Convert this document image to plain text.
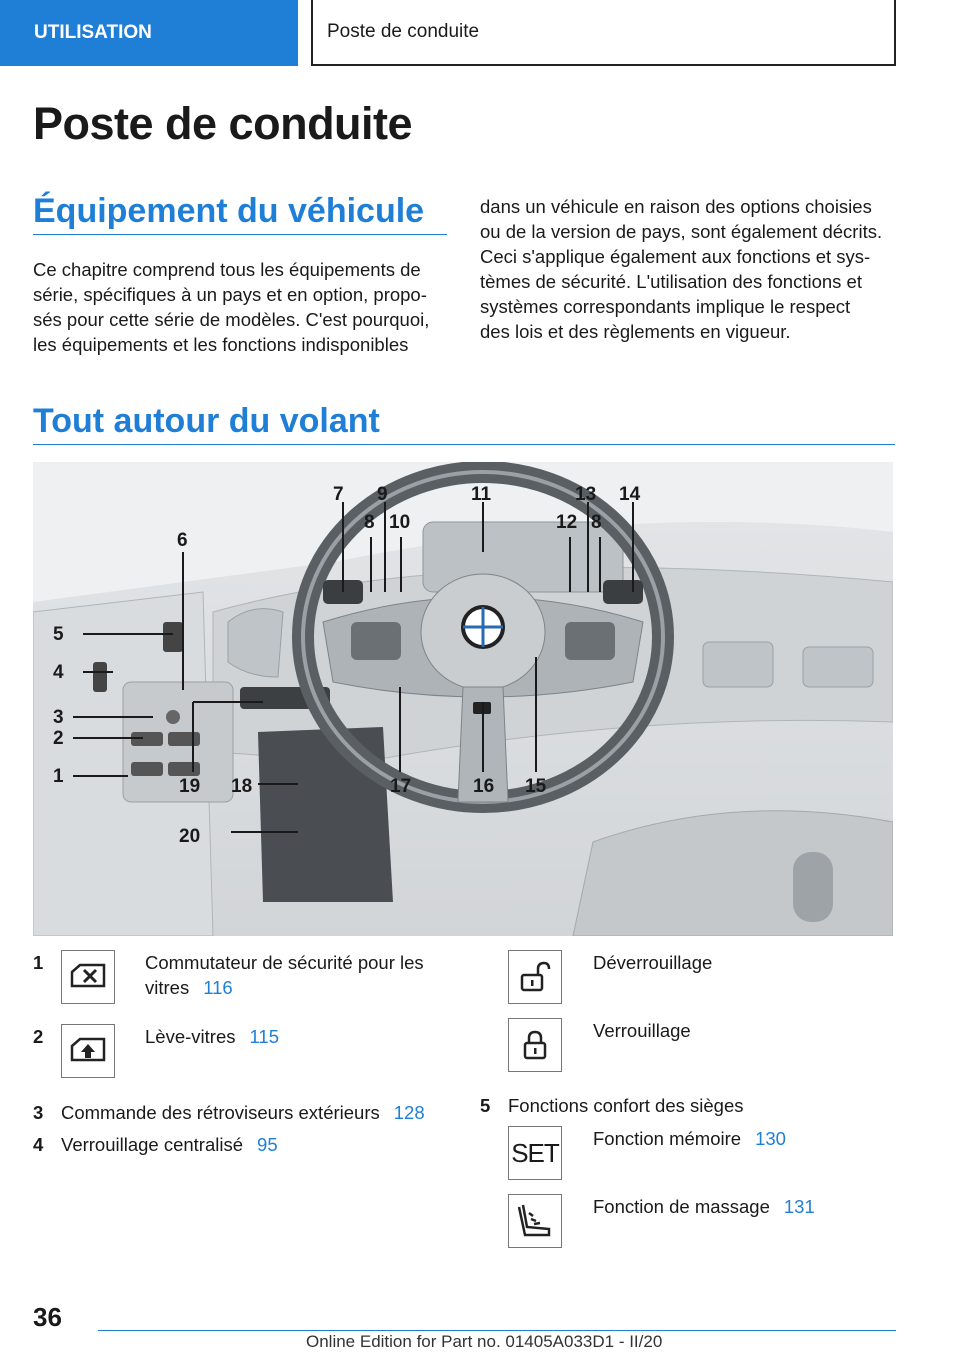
UTILISATION	Poste de conduite
Poste de conduite
Équipement du véhicule

Ce chapitre comprend tous les équipements de
série, spécifiques à un pays et en option, propo‐
sés pour cette série de modèles. C'est pourquoi,
les équipements et les fonctions indisponibles

dans un véhicule en raison des options choisies
ou de la version de pays, sont également décrits.
Ceci s'applique également aux fonctions et sys‐
tèmes de sécurité. L'utilisation des fonctions et
systèmes correspondants implique le respect
des lois et des règlements en vigueur.

Tout autour du volant
7 9	11	13 14
8 10	12 8
6
5
4
3
2
1	19 18	17	16 15
20
1	Commutateur de sécurité pour les
vitres 116
2	Lève-vitres 115
3 Commande des rétroviseurs extérieurs 128
4 Verrouillage centralisé 95
Déverrouillage
Verrouillage
5 Fonctions confort des sièges
SET Fonction mémoire 130
Fonction de massage 131
36
Online Edition for Part no. 01405A033D1 - II/20
